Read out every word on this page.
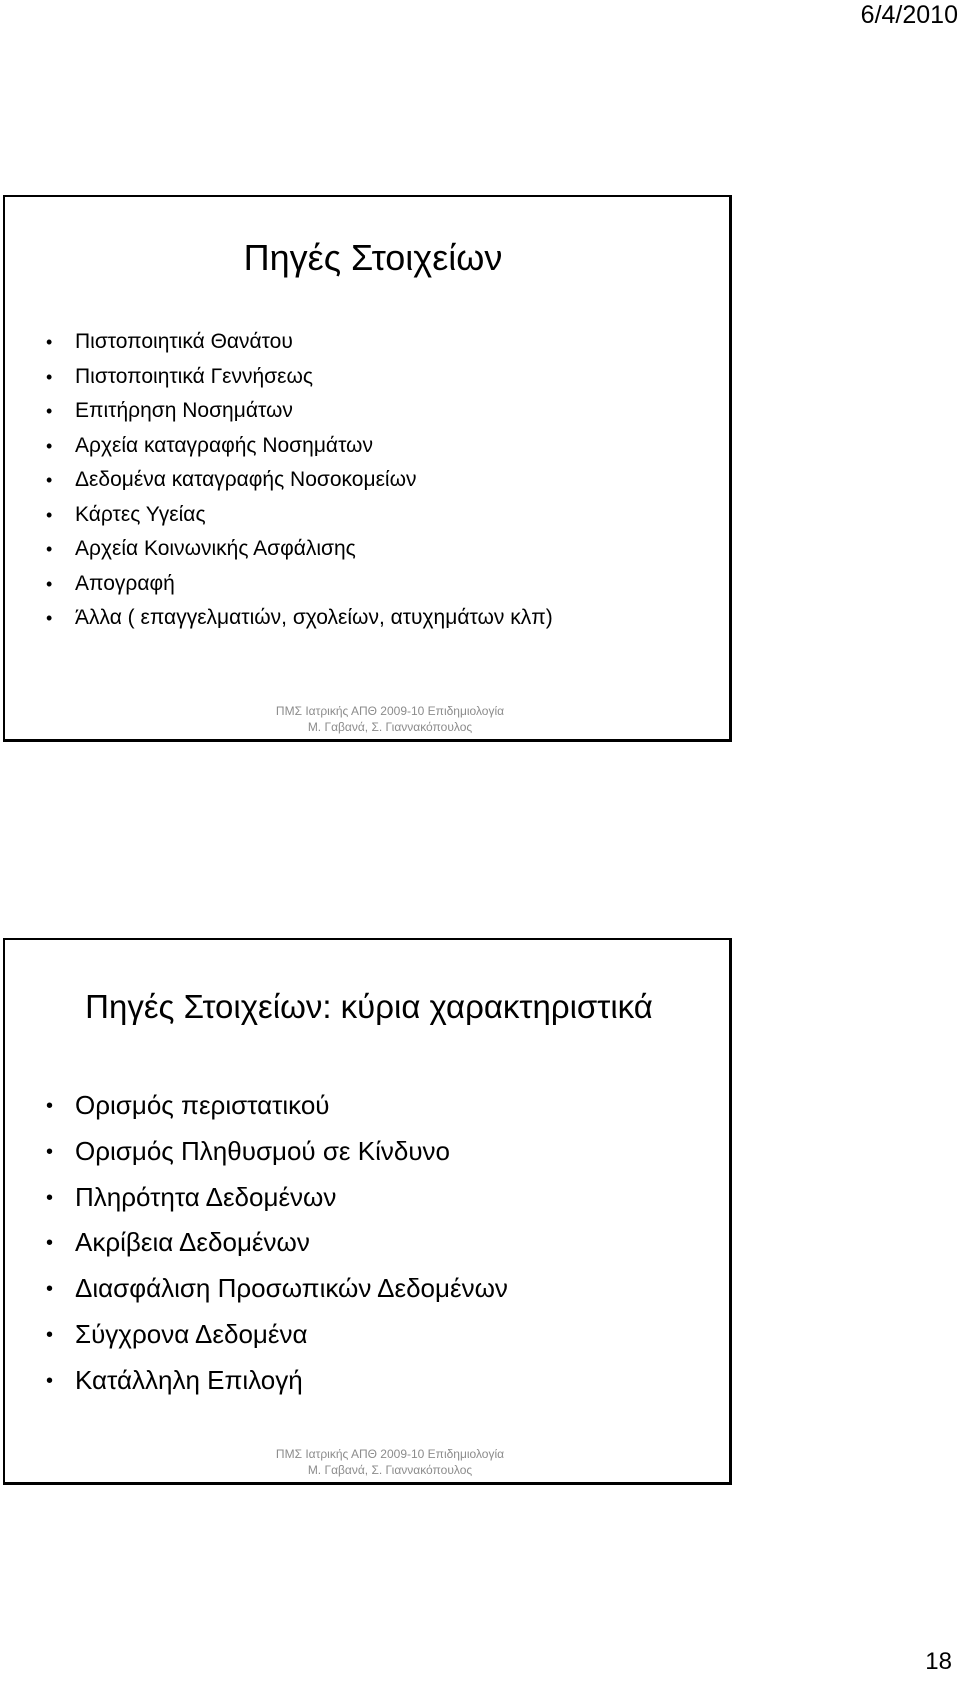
6/4/2010
Πηγές Στοιχείων
• Πιστοποιητικά Θανάτου
• Πιστοποιητικά Γεννήσεως
• Επιτήρηση Νοσημάτων
• Αρχεία καταγραφής Νοσημάτων
• Δεδομένα καταγραφής Νοσοκομείων
• Κάρτες Υγείας
• Αρχεία Κοινωνικής Ασφάλισης
• Απογραφή
• Άλλα ( επαγγελματιών, σχολείων, ατυχημάτων κλπ)
ΠΜΣ Ιατρικής ΑΠΘ 2009-10 Επιδημιολογία
Μ. Γαβανά, Σ. Γιαννακόπουλος
Πηγές Στοιχείων: κύρια χαρακτηριστικά
• Ορισμός περιστατικού
• Ορισμός Πληθυσμού σε Κίνδυνο
• Πληρότητα Δεδομένων
• Ακρίβεια Δεδομένων
• Διασφάλιση Προσωπικών Δεδομένων
• Σύγχρονα Δεδομένα
• Κατάλληλη Επιλογή
ΠΜΣ Ιατρικής ΑΠΘ 2009-10 Επιδημιολογία
Μ. Γαβανά, Σ. Γιαννακόπουλος
18
